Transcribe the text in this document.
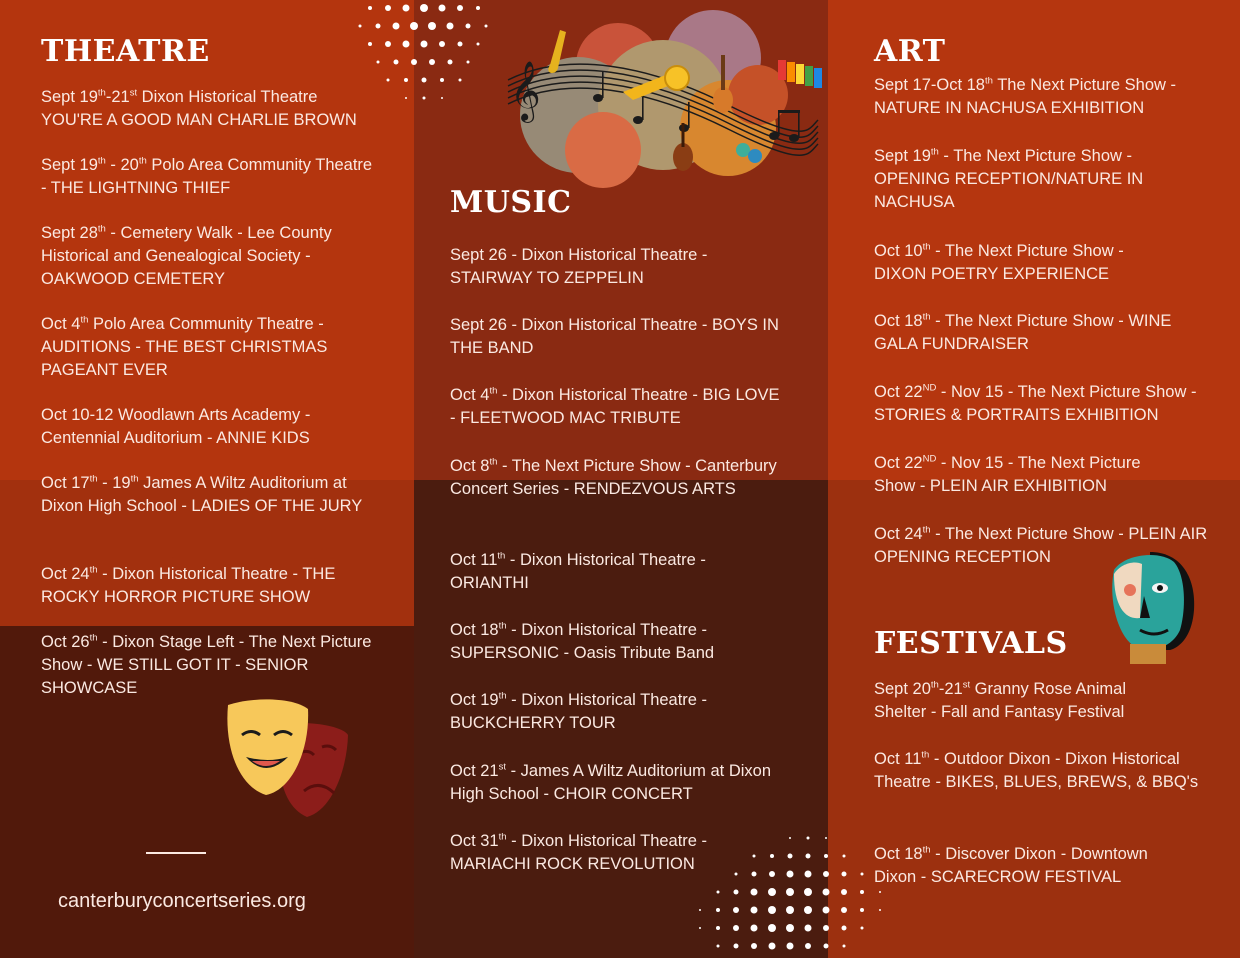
𝄞
THEATRE

Sept 19th-21st Dixon Historical Theatre YOU'RE A GOOD MAN CHARLIE BROWN

Sept 19th - 20th Polo Area Community Theatre - THE LIGHTNING THIEF

Sept 28th - Cemetery Walk - Lee County Historical and Genealogical Society - OAKWOOD CEMETERY

Oct 4th Polo Area Community Theatre - AUDITIONS - THE BEST CHRISTMAS PAGEANT EVER

Oct 10-12 Woodlawn Arts Academy - Centennial Auditorium - ANNIE KIDS

Oct 17th - 19th James A Wiltz Auditorium at Dixon High School - LADIES OF THE JURY

Oct 24th - Dixon Historical Theatre - THE ROCKY HORROR PICTURE SHOW

Oct 26th - Dixon Stage Left - The Next Picture Show - WE STILL GOT IT - SENIOR SHOWCASE

canterburyconcertseries.org
MUSIC

Sept 26 - Dixon Historical Theatre - STAIRWAY TO ZEPPELIN

Sept 26 - Dixon Historical Theatre - BOYS IN THE BAND

Oct 4th - Dixon Historical Theatre - BIG LOVE - FLEETWOOD MAC TRIBUTE

Oct 8th - The Next Picture Show - Canterbury Concert Series - RENDEZVOUS ARTS

Oct 11th - Dixon Historical Theatre - ORIANTHI

Oct 18th - Dixon Historical Theatre - SUPERSONIC - Oasis Tribute Band

Oct 19th - Dixon Historical Theatre - BUCKCHERRY TOUR

Oct 21st - James A Wiltz Auditorium at Dixon High School - CHOIR CONCERT

Oct 31th - Dixon Historical Theatre - MARIACHI ROCK REVOLUTION

ART

Sept 17-Oct 18th The Next Picture Show - NATURE IN NACHUSA EXHIBITION

Sept 19th - The Next Picture Show - OPENING RECEPTION/NATURE IN NACHUSA

Oct 10th - The Next Picture Show - DIXON POETRY EXPERIENCE

Oct 18th - The Next Picture Show - WINE GALA FUNDRAISER

Oct 22ND - Nov 15 - The Next Picture Show - STORIES & PORTRAITS EXHIBITION

Oct 22ND - Nov 15 - The Next Picture Show - PLEIN AIR EXHIBITION

Oct 24th - The Next Picture Show - PLEIN AIR OPENING RECEPTION

FESTIVALS

Sept 20th-21st Granny Rose Animal Shelter - Fall and Fantasy Festival

Oct 11th - Outdoor Dixon - Dixon Historical Theatre - BIKES, BLUES, BREWS, & BBQ's

Oct 18th - Discover Dixon - Downtown Dixon - SCARECROW FESTIVAL
